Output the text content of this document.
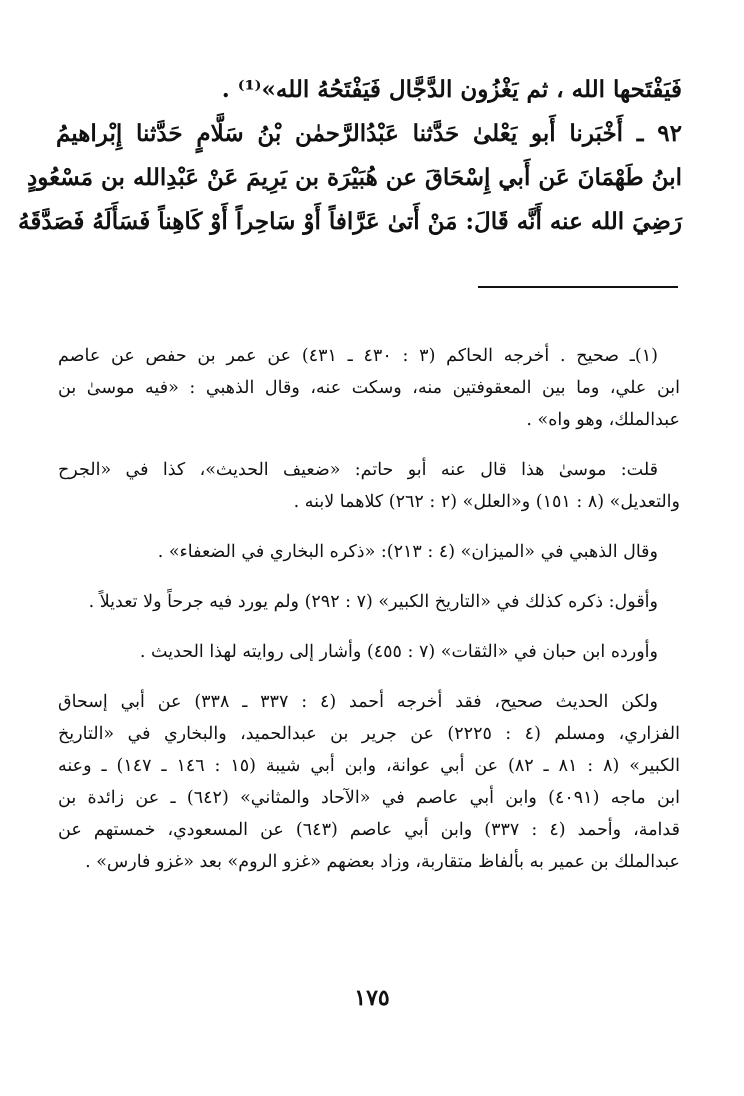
فَيَفْتَحها الله ، ثم يَغْزُون الدَّجَّال فَيَفْتَحُهُ الله»⁽¹⁾ .
٩٢ ـ أَخْبَرنا أَبو يَعْلىٰ حَدَّثنا عَبْدُالرَّحمٰن بْنُ سَلَّامٍ حَدَّثنا إِبْراهيمُ
ابنُ طَهْمَانَ عَن أَبي إِسْحَاقَ عن هُبَيْرَة بن يَرِيمَ عَنْ عَبْدِالله بن مَسْعُودٍ
رَضِيَ الله عنه أَنَّه قَالَ: مَنْ أَتىٰ عَرَّافاً أَوْ سَاحِراً أَوْ كَاهِناً فَسَأَلَهُ فَصَدَّقَهُ

(١)ـ صحيح . أخرجه الحاكم (٣ : ٤٣٠ ـ ٤٣١) عن عمر بن حفص عن عاصم
ابن علي، وما بين المعقوفتين منه، وسكت عنه، وقال الذهبي : «فيه موسىٰ بن
عبدالملك، وهو واه» .

قلت: موسىٰ هذا قال عنه أبو حاتم: «ضعيف الحديث»، كذا في «الجرح
والتعديل» (٨ : ١٥١) و«العلل» (٢ : ٢٦٢) كلاهما لابنه .

وقال الذهبي في «الميزان» (٤ : ٢١٣): «ذكره البخاري في الضعفاء» .

وأقول: ذكره كذلك في «التاريخ الكبير» (٧ : ٢٩٢) ولم يورد فيه جرحاً ولا تعديلاً .

وأورده ابن حبان في «الثقات» (٧ : ٤٥٥) وأشار إلى روايته لهذا الحديث .

ولكن الحديث صحيح، فقد أخرجه أحمد (٤ : ٣٣٧ ـ ٣٣٨) عن أبي إسحاق
الفزاري، ومسلم (٤ : ٢٢٢٥) عن جرير بن عبدالحميد، والبخاري في «التاريخ
الكبير» (٨ : ٨١ ـ ٨٢) عن أبي عوانة، وابن أبي شيبة (١٥ : ١٤٦ ـ ١٤٧) ـ وعنه
ابن ماجه (٤٠٩١) وابن أبي عاصم في «الآحاد والمثاني» (٦٤٢) ـ عن زائدة بن
قدامة، وأحمد (٤ : ٣٣٧) وابن أبي عاصم (٦٤٣) عن المسعودي، خمستهم عن
عبدالملك بن عمير به بألفاظ متقاربة، وزاد بعضهم «غزو الروم» بعد «غزو فارس» .

١٧٥
